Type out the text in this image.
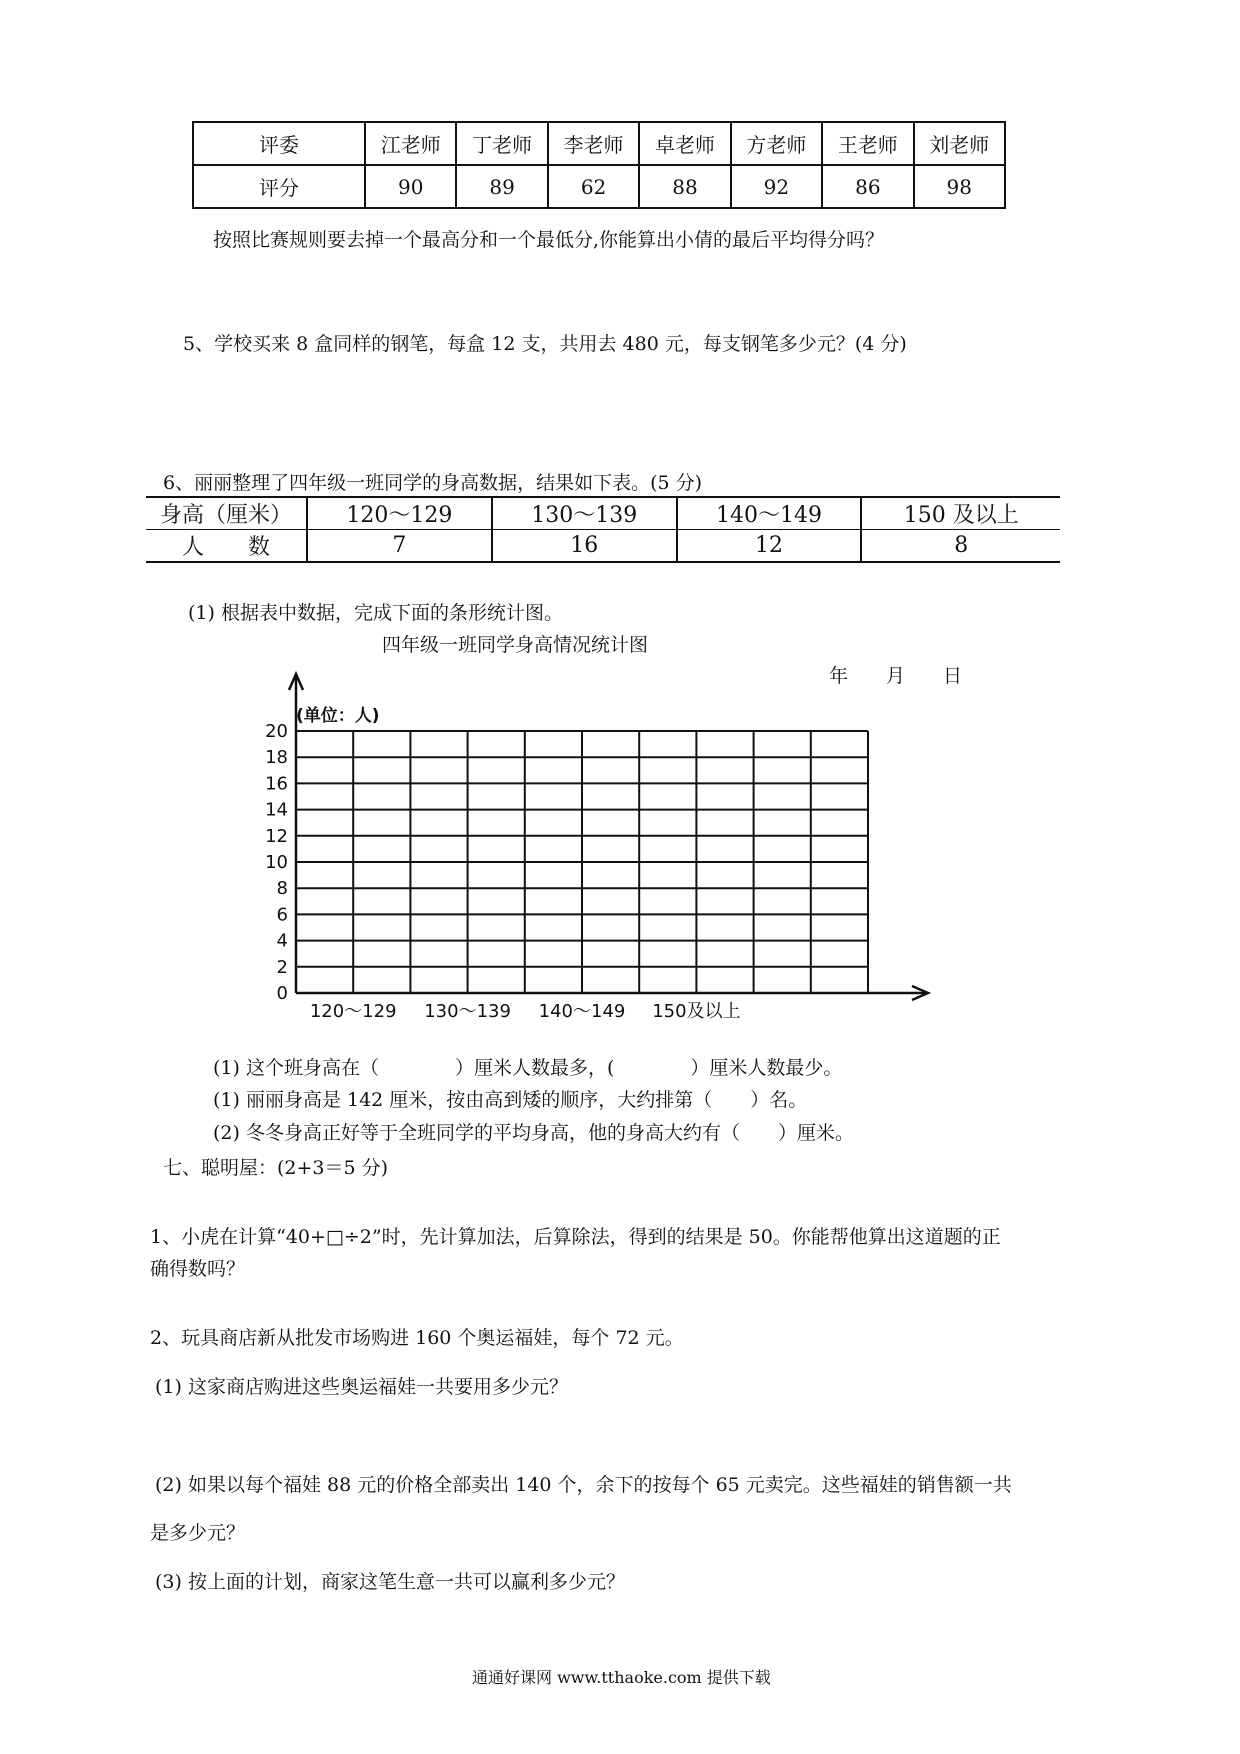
评委	江老师	丁老师	李老师	卓老师	方老师	王老师	刘老师
评分	90	89	62	88	92	86	98
按照比赛规则要去掉一个最高分和一个最低分,你能算出小倩的最后平均得分吗？
5、学校买来 8 盒同样的钢笔，每盒 12 支，共用去 480 元，每支钢笔多少元？(4 分)
6、丽丽整理了四年级一班同学的身高数据，结果如下表。(5 分)
身高（厘米）	120～129	130～139	140～149	150 及以上
人　　数	7	16	12	8
(1) 根据表中数据，完成下面的条形统计图。
四年级一班同学身高情况统计图
年　　月　　日
0
2
4
6
8
10
12
14
16
18
20
120～129 130～139 140～149 150及以上
(单位：人)
(1) 这个班身高在（　　　　）厘米人数最多，(　　　　）厘米人数最少。
(1) 丽丽身高是 142 厘米，按由高到矮的顺序，大约排第（　　）名。
(2) 冬冬身高正好等于全班同学的平均身高，他的身高大约有（　　）厘米。
七、聪明屋：(2+3＝5 分)
1、小虎在计算“40+□÷2”时，先计算加法，后算除法，得到的结果是 50。你能帮他算出这道题的正
确得数吗？
2、玩具商店新从批发市场购进 160 个奥运福娃，每个 72 元。
(1) 这家商店购进这些奥运福娃一共要用多少元？
(2) 如果以每个福娃 88 元的价格全部卖出 140 个，余下的按每个 65 元卖完。这些福娃的销售额一共
是多少元？
(3) 按上面的计划，商家这笔生意一共可以赢利多少元？
通通好课网 www.tthaoke.com 提供下载
